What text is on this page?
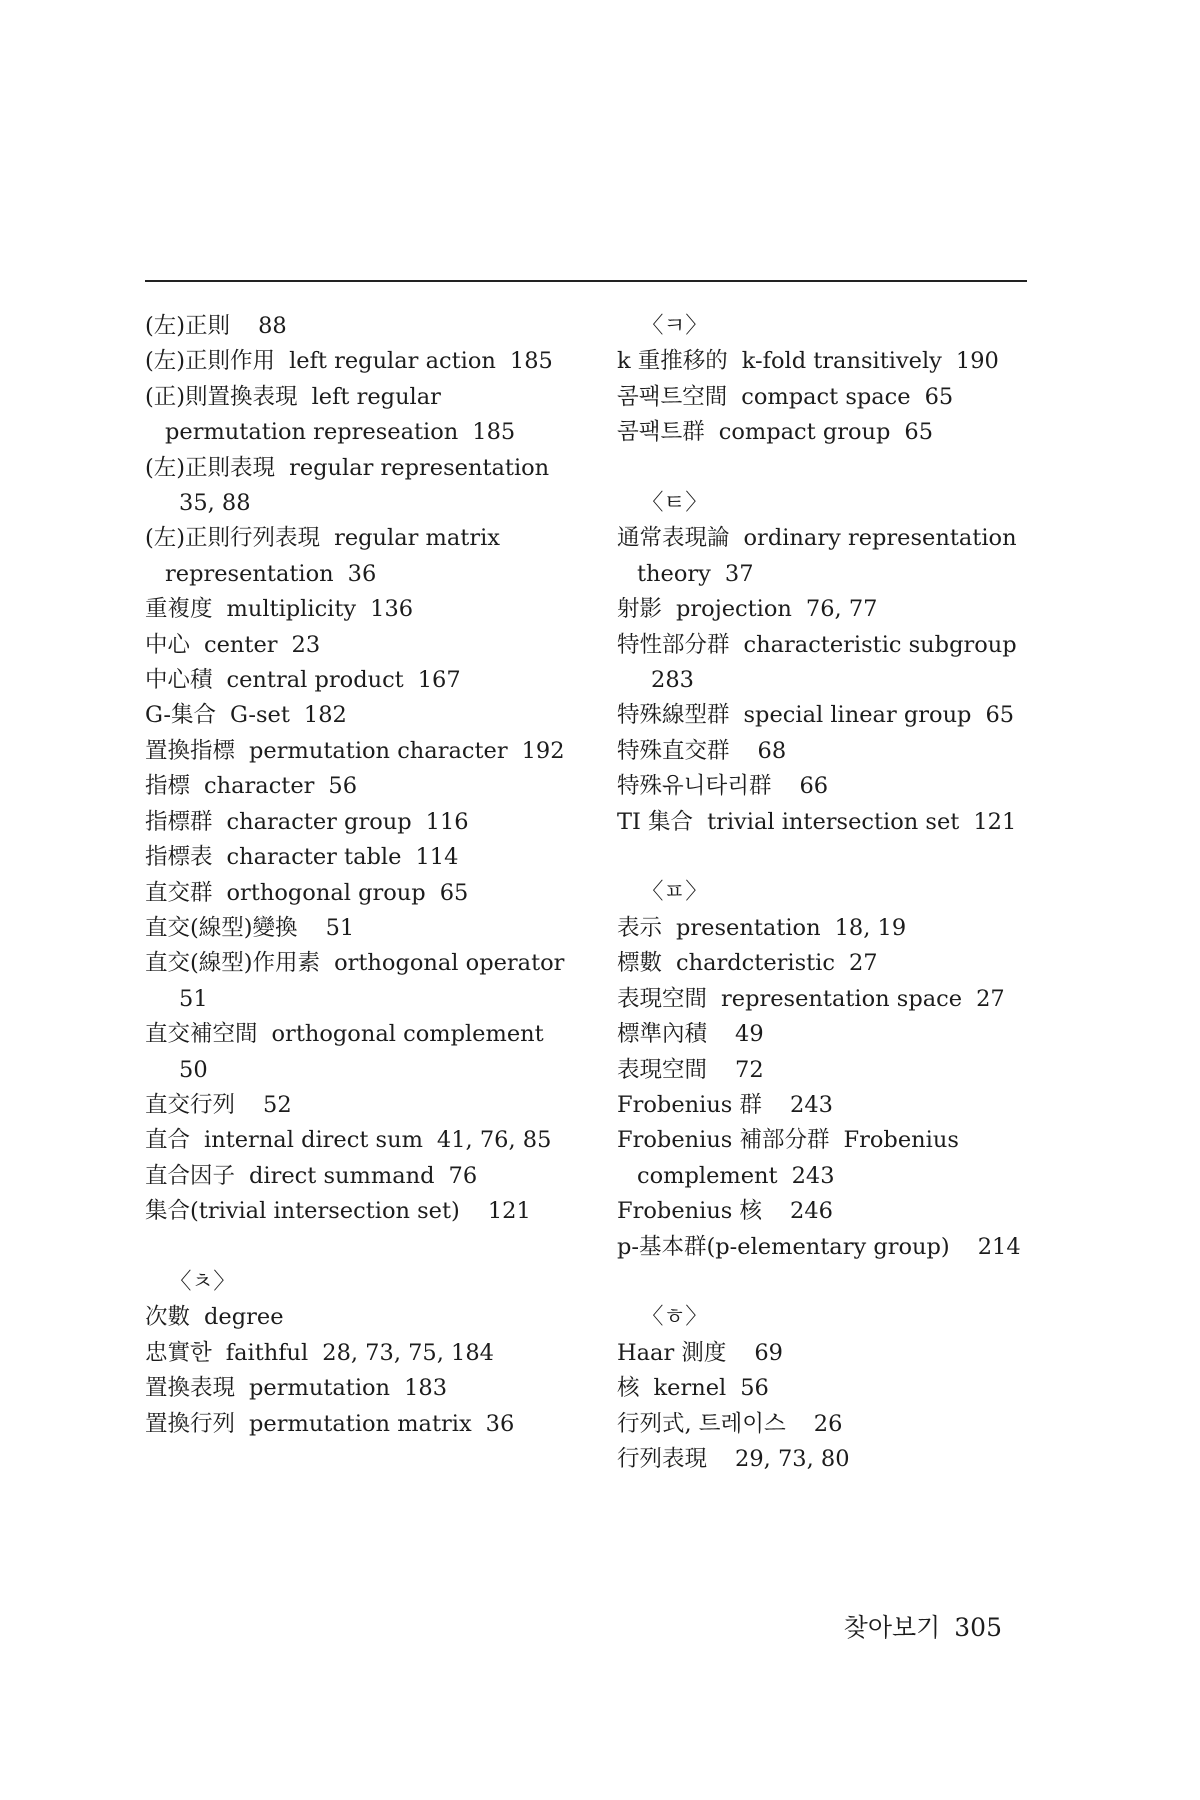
(左)正則 88
(左)正則作用 left regular action 185
(正)則置換表現 left regular
permutation represeation 185
(左)正則表現 regular representation
35, 88
(左)正則行列表現 regular matrix
representation 36
重複度 multiplicity 136
中心 center 23
中心積 central product 167
G-集合 G-set 182
置換指標 permutation character 192
指標 character 56
指標群 character group 116
指標表 character table 114
直交群 orthogonal group 65
直交(線型)變換 51
直交(線型)作用素 orthogonal operator
51
直交補空間 orthogonal complement
50
直交行列 52
直合 internal direct sum 41, 76, 85
直合因子 direct summand 76
集合(trivial intersection set) 121
〈ㅊ〉
次數 degree
忠實한 faithful 28, 73, 75, 184
置換表現 permutation 183
置換行列 permutation matrix 36
〈ㅋ〉
k 重推移的 k-fold transitively 190
콤팩트空間 compact space 65
콤팩트群 compact group 65
〈ㅌ〉
通常表現論 ordinary representation
theory 37
射影 projection 76, 77
特性部分群 characteristic subgroup
283
特殊線型群 special linear group 65
特殊直交群 68
特殊유니타리群 66
TI 集合 trivial intersection set 121
〈ㅍ〉
表示 presentation 18, 19
標數 chardcteristic 27
表現空間 representation space 27
標準內積 49
表現空間 72
Frobenius 群 243
Frobenius 補部分群 Frobenius
complement 243
Frobenius 核 246
p-基本群(p-elementary group) 214
〈ㅎ〉
Haar 測度 69
核 kernel 56
行列式, 트레이스 26
行列表現 29, 73, 80
찾아보기 305
